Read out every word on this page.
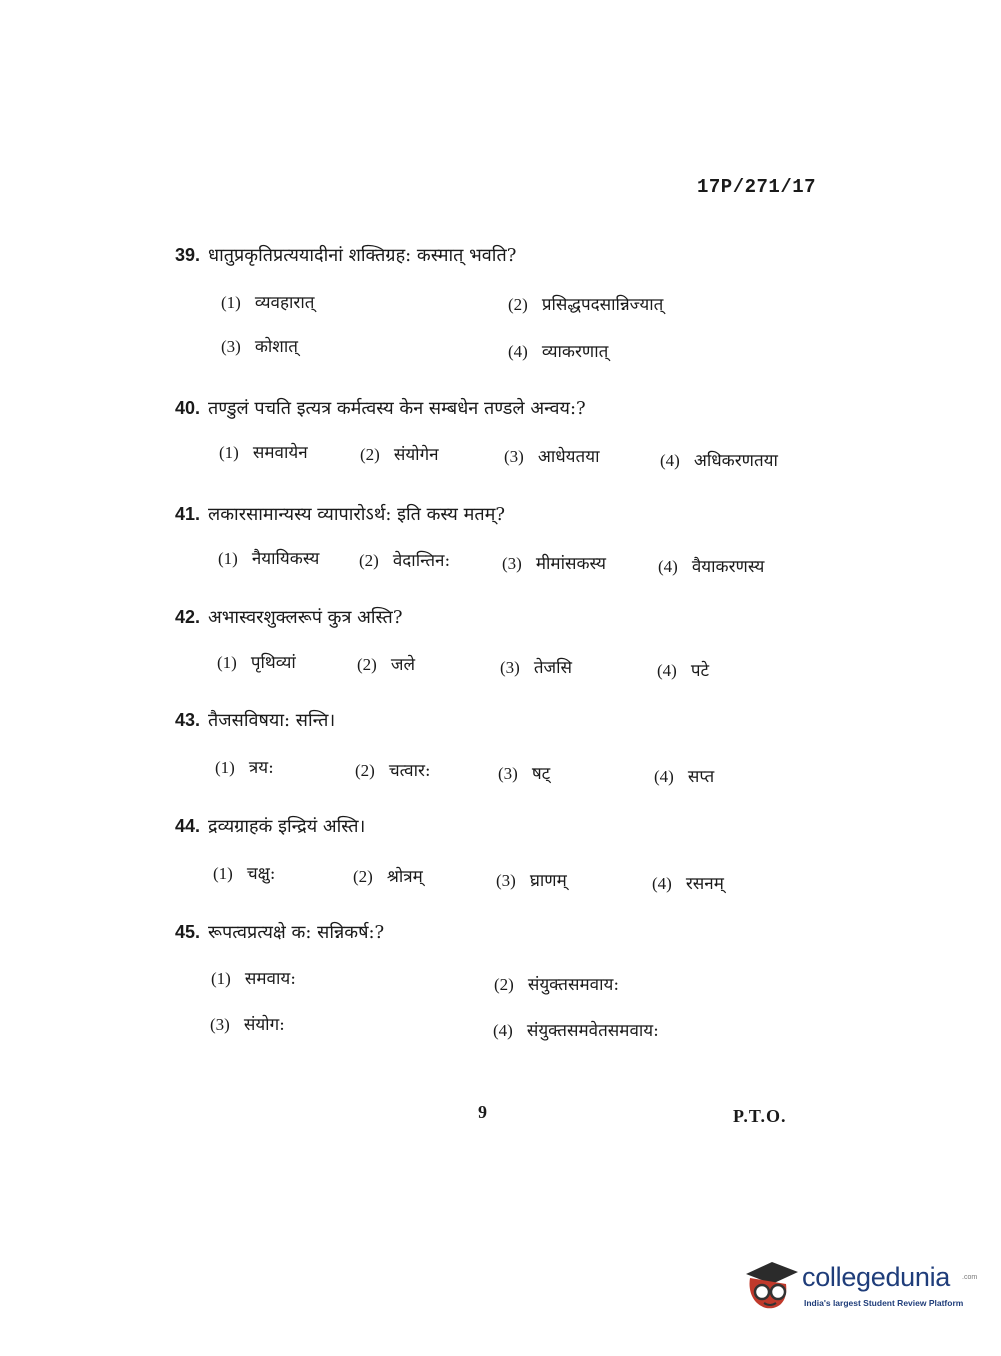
17P/271/17
39. धातुप्रकृतिप्रत्ययादीनां शक्तिग्रह: कस्मात् भवति?
(1) व्यवहारात्	(2) प्रसिद्धपदसान्निज्यात्
(3) कोशात्	(4) व्याकरणात्
40. तण्डुलं पचति इत्यत्र कर्मत्वस्य केन सम्बधेन तण्डले अन्वय:?
(1) समवायेन	(2) संयोगेन	(3) आधेयतया	(4) अधिकरणतया
41. लकारसामान्यस्य व्यापारोऽर्थ: इति कस्य मतम्?
(1) नैयायिकस्य (2) वेदान्तिन:	(3) मीमांसकस्य	(4) वैयाकरणस्य
42. अभास्वरशुक्लरूपं कुत्र अस्ति?
(1) पृथिव्यां	(2) जले	(3) तेजसि	(4) पटे
43. तैजसविषया: सन्ति।
(1) त्रय:	(2) चत्वार:	(3) षट्	(4) सप्त
44. द्रव्यग्राहकं इन्द्रियं अस्ति।
(1) चक्षु:	(2) श्रोत्रम्	(3) घ्राणम्	(4) रसनम्
45. रूपत्वप्रत्यक्षे क: सन्निकर्ष:?
(1) समवाय:	(2) संयुक्तसमवाय:
(3) संयोग:	(4) संयुक्तसमवेतसमवाय:
9	P.T.O.
collegedunia .com
India's largest Student Review Platform
